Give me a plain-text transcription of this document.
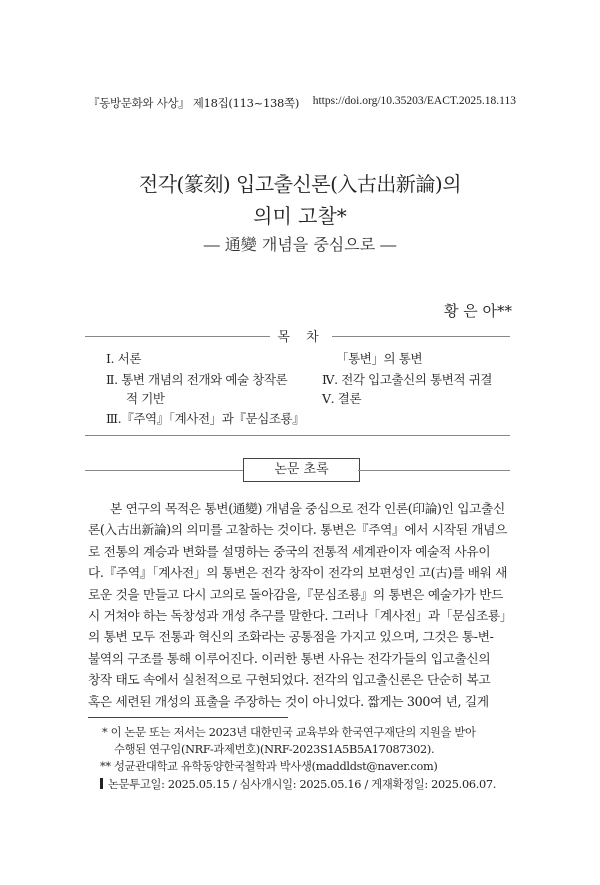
『동방문화와 사상』 제18집(113~138쪽) https://doi.org/10.35203/EACT.2025.18.113
전각(篆刻) 입고출신론(入古出新論)의
의미 고찰*
― 通變 개념을 중심으로 ―
황 은 아**
목 차
Ⅰ. 서론
Ⅱ. 통변 개념의 전개와 예술 창작론
적 기반
Ⅲ.『주역』「계사전」과『문심조룡』
「통변」의 통변
Ⅳ. 전각 입고출신의 통변적 귀결
Ⅴ. 결론
논문 초록
본 연구의 목적은 통변(通變) 개념을 중심으로 전각 인론(印論)인 입고출신
론(入古出新論)의 의미를 고찰하는 것이다. 통변은『주역』에서 시작된 개념으
로 전통의 계승과 변화를 설명하는 중국의 전통적 세계관이자 예술적 사유이
다.『주역』「계사전」의 통변은 전각 창작이 전각의 보편성인 고(古)를 배워 새
로운 것을 만들고 다시 고의로 돌아감을,『문심조룡』의 통변은 예술가가 반드
시 거쳐야 하는 독창성과 개성 추구를 말한다. 그러나「계사전」과「문심조룡」
의 통변 모두 전통과 혁신의 조화라는 공통점을 가지고 있으며, 그것은 통-변-
불역의 구조를 통해 이루어진다. 이러한 통변 사유는 전각가들의 입고출신의
창작 태도 속에서 실천적으로 구현되었다. 전각의 입고출신론은 단순히 복고
혹은 세련된 개성의 표출을 주장하는 것이 아니었다. 짧게는 300여 년, 길게
* 이 논문 또는 저서는 2023년 대한민국 교육부와 한국연구재단의 지원을 받아
수행된 연구임(NRF-과제번호)(NRF-2023S1A5B5A17087302).
** 성균관대학교 유학동양한국철학과 박사생(maddldst@naver.com)
논문투고일: 2025.05.15 / 심사개시일: 2025.05.16 / 게재확정일: 2025.06.07.
